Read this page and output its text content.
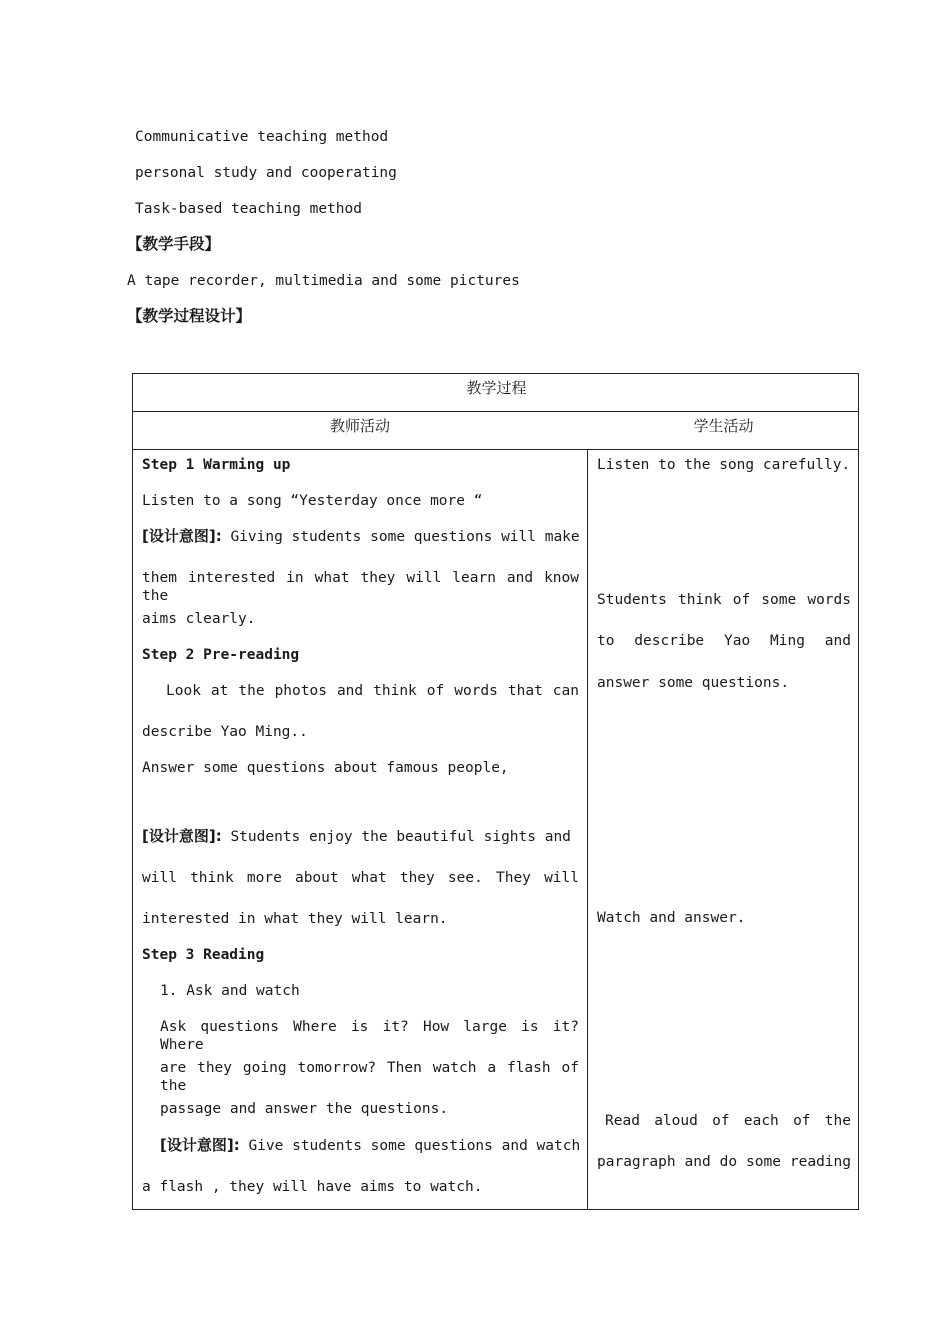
Communicative teaching method
personal study and cooperating
Task-based teaching method
【教学手段】
A tape recorder, multimedia and some pictures
【教学过程设计】
教学过程
教师活动	学生活动
Step 1 Warming up
Listen to a song “Yesterday once more “
[设计意图]: Giving students some questions will make
them interested in what they will learn and know the
aims clearly.
Step 2 Pre-reading
Look at the photos and think of words that can
describe Yao Ming..
Answer some questions about famous people,
[设计意图]: Students enjoy the beautiful sights and
will think more about what they see. They will
interested in what they will learn.
Step 3 Reading
1. Ask and watch
Ask questions Where is it? How large is it? Where
are they going tomorrow? Then watch a flash of the
passage and answer the questions.
[设计意图]: Give students some questions and watch
a flash , they will have aims to watch.
Listen to the song carefully.
Students think of some words
to describe Yao Ming and
answer some questions.
Watch and answer.
Read aloud of each of the
paragraph and do some reading
